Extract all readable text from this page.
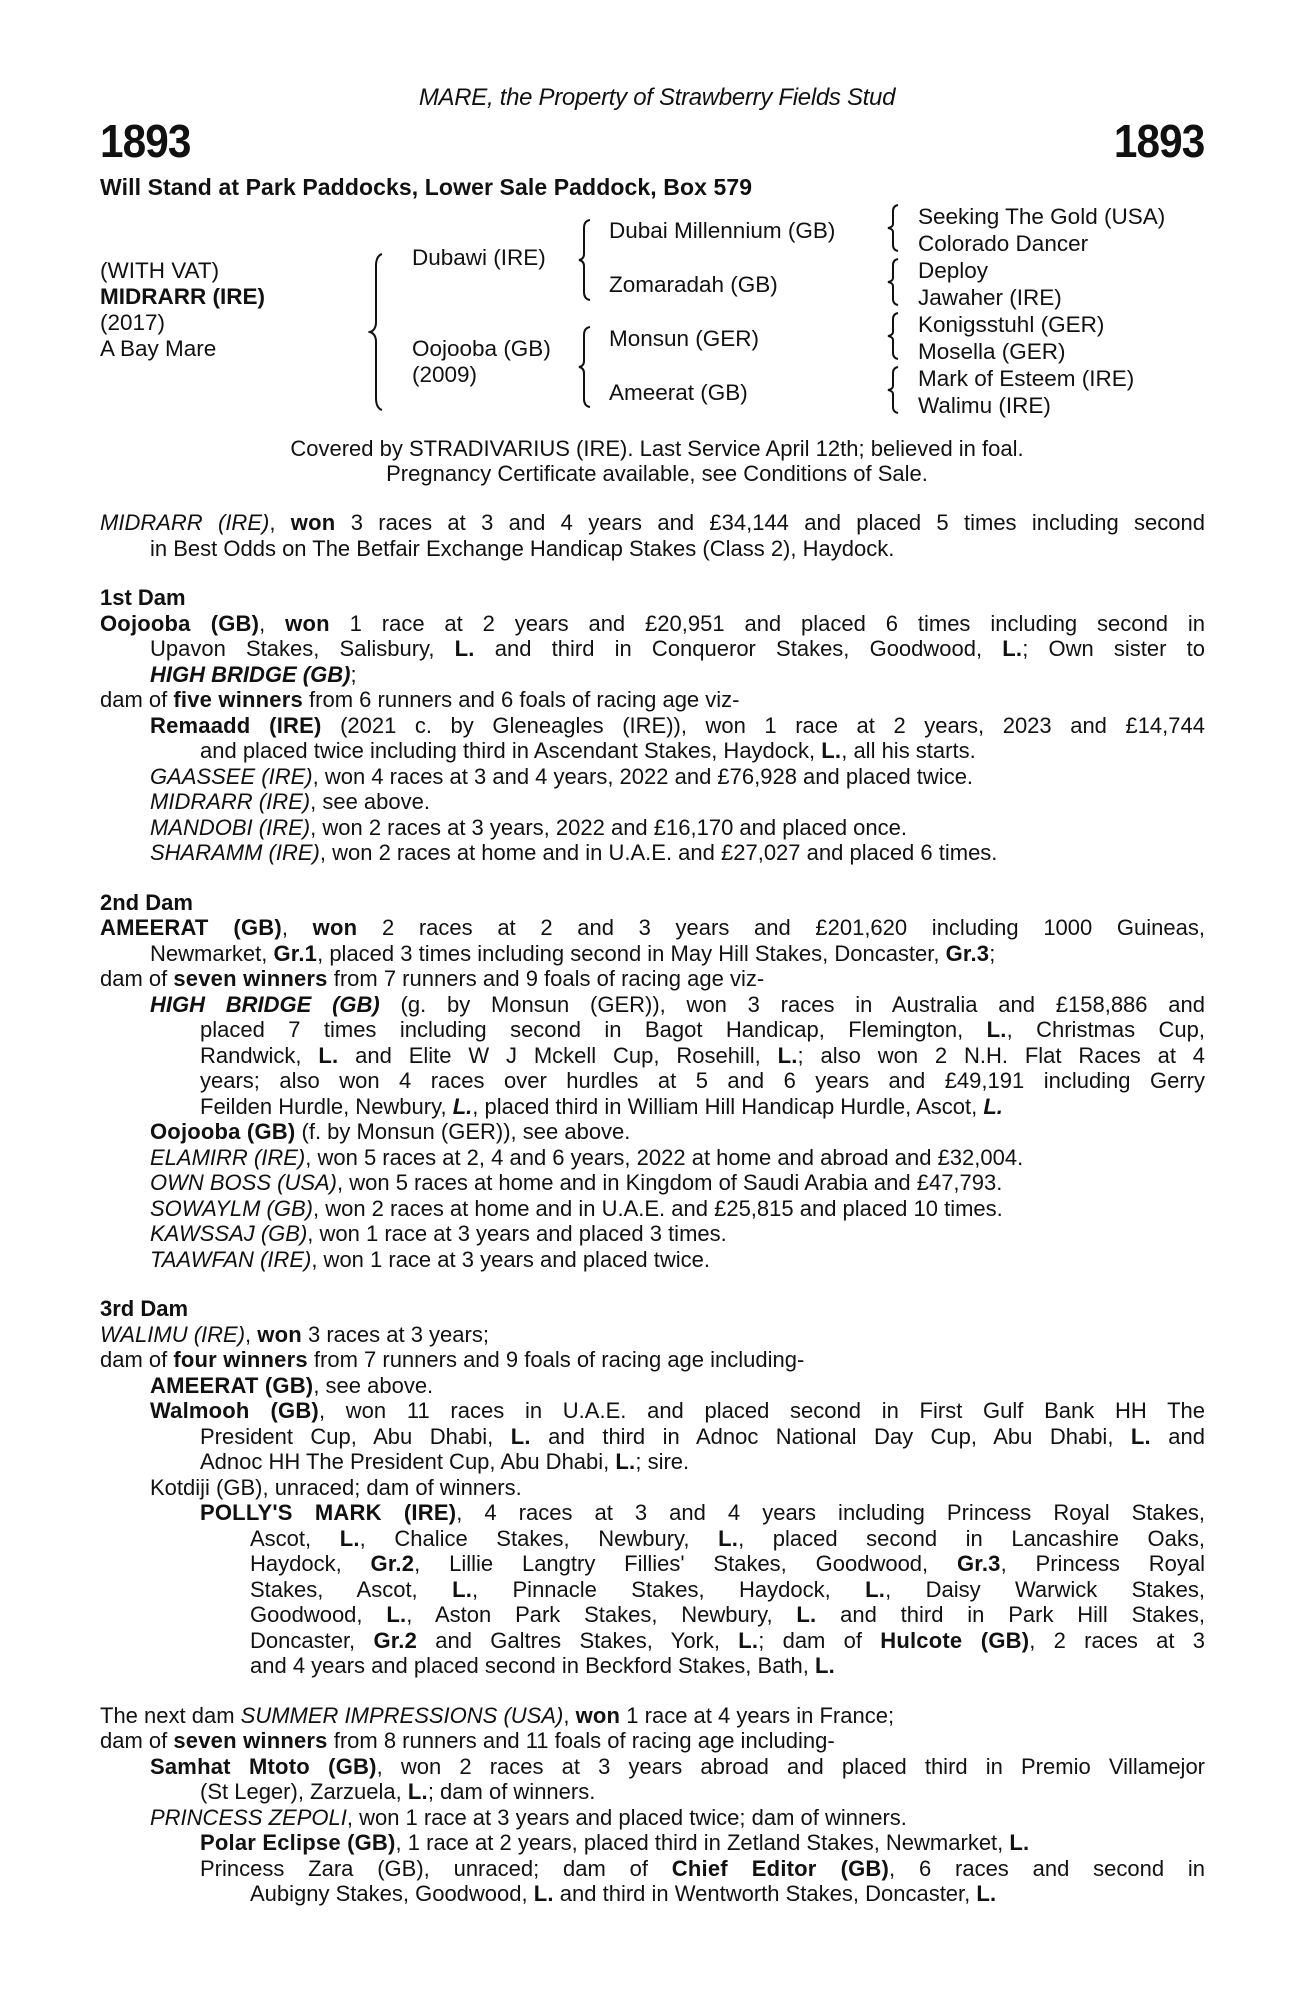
MARE, the Property of Strawberry Fields Stud
1893	1893
Will Stand at Park Paddocks, Lower Sale Paddock, Box 579
(WITH VAT)
MIDRARR (IRE)
(2017)
A Bay Mare
Dubawi (IRE)
Oojooba (GB)
(2009)
Dubai Millennium (GB)
Zomaradah (GB)
Monsun (GER)
Ameerat (GB)
Seeking The Gold (USA)
Colorado Dancer
Deploy
Jawaher (IRE)
Konigsstuhl (GER)
Mosella (GER)
Mark of Esteem (IRE)
Walimu (IRE)
Covered by STRADIVARIUS (IRE). Last Service April 12th; believed in foal.
Pregnancy Certificate available, see Conditions of Sale.
MIDRARR (IRE), won 3 races at 3 and 4 years and £34,144 and placed 5 times including second
in Best Odds on The Betfair Exchange Handicap Stakes (Class 2), Haydock.
1st Dam
Oojooba (GB), won 1 race at 2 years and £20,951 and placed 6 times including second in
Upavon Stakes, Salisbury, L. and third in Conqueror Stakes, Goodwood, L.; Own sister to
HIGH BRIDGE (GB);
dam of five winners from 6 runners and 6 foals of racing age viz-
Remaadd (IRE) (2021 c. by Gleneagles (IRE)), won 1 race at 2 years, 2023 and £14,744
and placed twice including third in Ascendant Stakes, Haydock, L., all his starts.
GAASSEE (IRE), won 4 races at 3 and 4 years, 2022 and £76,928 and placed twice.
MIDRARR (IRE), see above.
MANDOBI (IRE), won 2 races at 3 years, 2022 and £16,170 and placed once.
SHARAMM (IRE), won 2 races at home and in U.A.E. and £27,027 and placed 6 times.
2nd Dam
AMEERAT (GB), won 2 races at 2 and 3 years and £201,620 including 1000 Guineas,
Newmarket, Gr.1, placed 3 times including second in May Hill Stakes, Doncaster, Gr.3;
dam of seven winners from 7 runners and 9 foals of racing age viz-
HIGH BRIDGE (GB) (g. by Monsun (GER)), won 3 races in Australia and £158,886 and
placed 7 times including second in Bagot Handicap, Flemington, L., Christmas Cup,
Randwick, L. and Elite W J Mckell Cup, Rosehill, L.; also won 2 N.H. Flat Races at 4
years; also won 4 races over hurdles at 5 and 6 years and £49,191 including Gerry
Feilden Hurdle, Newbury, L., placed third in William Hill Handicap Hurdle, Ascot, L.
Oojooba (GB) (f. by Monsun (GER)), see above.
ELAMIRR (IRE), won 5 races at 2, 4 and 6 years, 2022 at home and abroad and £32,004.
OWN BOSS (USA), won 5 races at home and in Kingdom of Saudi Arabia and £47,793.
SOWAYLM (GB), won 2 races at home and in U.A.E. and £25,815 and placed 10 times.
KAWSSAJ (GB), won 1 race at 3 years and placed 3 times.
TAAWFAN (IRE), won 1 race at 3 years and placed twice.
3rd Dam
WALIMU (IRE), won 3 races at 3 years;
dam of four winners from 7 runners and 9 foals of racing age including-
AMEERAT (GB), see above.
Walmooh (GB), won 11 races in U.A.E. and placed second in First Gulf Bank HH The
President Cup, Abu Dhabi, L. and third in Adnoc National Day Cup, Abu Dhabi, L. and
Adnoc HH The President Cup, Abu Dhabi, L.; sire.
Kotdiji (GB), unraced; dam of winners.
POLLY'S MARK (IRE), 4 races at 3 and 4 years including Princess Royal Stakes,
Ascot, L., Chalice Stakes, Newbury, L., placed second in Lancashire Oaks,
Haydock, Gr.2, Lillie Langtry Fillies' Stakes, Goodwood, Gr.3, Princess Royal
Stakes, Ascot, L., Pinnacle Stakes, Haydock, L., Daisy Warwick Stakes,
Goodwood, L., Aston Park Stakes, Newbury, L. and third in Park Hill Stakes,
Doncaster, Gr.2 and Galtres Stakes, York, L.; dam of Hulcote (GB), 2 races at 3
and 4 years and placed second in Beckford Stakes, Bath, L.
The next dam SUMMER IMPRESSIONS (USA), won 1 race at 4 years in France;
dam of seven winners from 8 runners and 11 foals of racing age including-
Samhat Mtoto (GB), won 2 races at 3 years abroad and placed third in Premio Villamejor
(St Leger), Zarzuela, L.; dam of winners.
PRINCESS ZEPOLI, won 1 race at 3 years and placed twice; dam of winners.
Polar Eclipse (GB), 1 race at 2 years, placed third in Zetland Stakes, Newmarket, L.
Princess Zara (GB), unraced; dam of Chief Editor (GB), 6 races and second in
Aubigny Stakes, Goodwood, L. and third in Wentworth Stakes, Doncaster, L.
